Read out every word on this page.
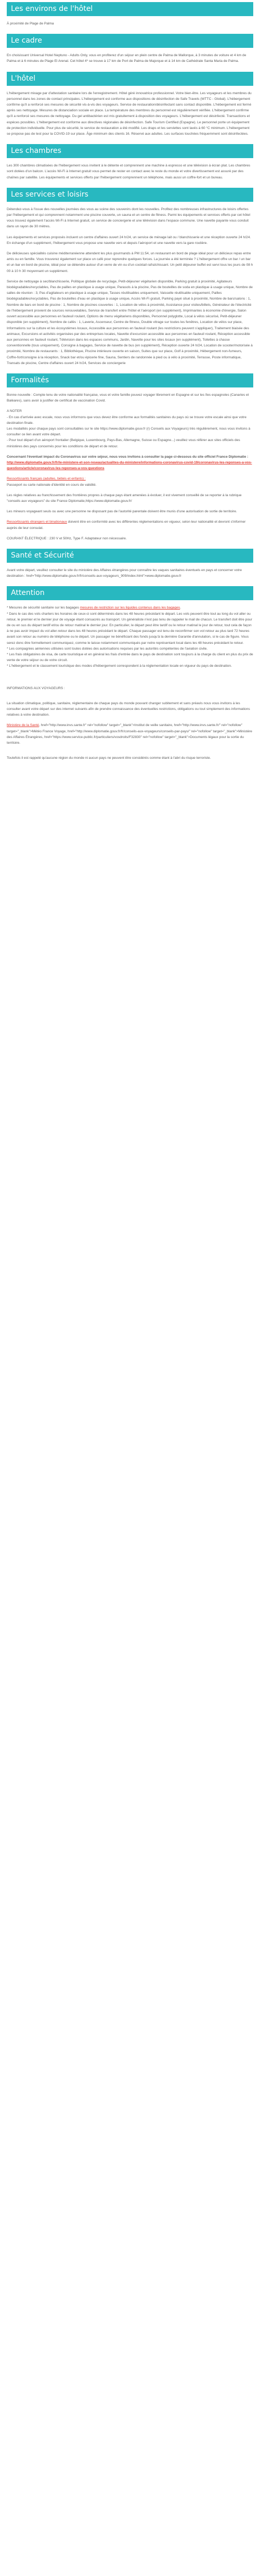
Les environs de l'hôtel

À proximité de Plage de Palma

Le cadre

En choisissant Universal Hotel Neptuno - Adults Only, vous en profiterez d'un séjour en plein centre de Palma de Mallorque, à 3 minutes de voiture et 4 km de Palma et à 6 minutes de Plage El Arenal. Cet hôtel 4* se trouve à 17 km de Port de Palma de Majorque et à 14 km de Cathédrale Santa Maria de Palma.

L'hôtel

L'hébergement mixage par d'attestation sanitaire lors de l'enregistrement. Hôtel géré innovatrice professionnel. Votre bien-être. Les voyageurs et les membres du personnel dans les zones de contact principales. L'hébergement est conforme aux dispositions de désinfection de Safe Travels (WTTC - Global). L'hébergement confirme qu'il a renforcé ses mesures de sécurité vis-à-vis des voyageurs. Service de restauration/désinfectant sans contact disponible. L'hébergement est fermé après ses nettoyage. Mesures de distanciation sociale en place. La température des membres du personnel est régulièrement vérifiée. L'hébergement confirme qu'il a renforcé ses mesures de nettoyage. Du gel antibactérien est mis gratuitement à disposition des voyageurs. L'hébergement est désinfecté. Transactions et espèces possibles. L'hébergement est conforme aux directives régionales de désinfection. Safe Tourism Certified (Espagne). Le personnel porte un équipement de protection individuelle. Pour plus de sécurité, le service de restauration a été modifié. Les draps et les serviettes sont lavés à 60 °C minimum. L'hébergement se propose pas de test pour la COVID-19 sur place. Âge minimum des clients 16. Réservé aux adultes. Les surfaces touchées fréquemment sont désinfectées.

Les chambres

Les 300 chambres climatisées de l'hébergement vous invitent à le détente et comprennent une machine à espresso et une télévision à écran plat. Les chambres sont dotées d'un balcon. L'accès Wi-Fi à Internet gratuit vous permet de rester en contact avec le reste du monde et votre divertissement est assuré par des chaînes par satellite. Les équipements et services offerts par l'hébergement comprennent un téléphone, mais aussi un coffre-fort et un bureau.

Les services et loisirs

Détendez-vous à l'issue des nouvelles journées des vous au scène des souvenirs dont les nouvelles. Profitez des nombreuses infrastructures de loisirs offertes par l'hébergement et qui comprennent notamment une piscine couverte, un sauna et un centre de fitness. Parmi les équipements et services offerts par cet hôtel vous trouvez également l'accès Wi-Fi à Internet gratuit, un service de conciergerie et une télévision dans l'espace commune. Une navette payante vous conduit dans un rayon de 30 mètres.

Les équipements et services proposés incluent un centre d'affaires ouvert 24 h/24, un service de ménage lait ou / blanchisserie et une réception ouverte 24 h/24. En échange d'un supplément, l'hébergement vous propose une navette vers et depuis l'aéroport et une navette vers la gare routière.

De délicieuses spécialités cuisine méditerranéenne attendent les plus gourmands à PM 11:54, un restaurant en bord de plage idéal pour un délicieux repas entre amis ou en famille. Vous trouverez également sur place un café pour reprendre quelques forces. La journée a été terminée ? L'hébergement offre un bar / un bar et un bar en bord de piscine, idéal pour se détendre autour d'un verre de vin ou d'un cocktail rafraîchissant. Un petit déjeuner buffet est servi tous les jours de 08 h 00 à 10 h 30 moyennant un supplément.

Service de nettoyage à sec/blanchisserie, Politique globale de recyclage, Petit-déjeuner végétarien disponible, Parking gratuit à proximité, Agitateurs biodégradables/recyclables, Pas de pailles en plastique à usage unique, Parasols à la piscine, Pas de bouteilles de soda en plastique à usage unique, Nombre de salles de réunion : 3, Pas d'agitateurs en plastique à usage unique, Tasses réutilisables uniquement, Vaisselle réutilisable uniquement, Pailles biodégradables/recyclables, Pas de bouteilles d'eau en plastique à usage unique, Accès Wi-Fi gratuit, Parking payé situé à proximité, Nombre de bars/salons : 1, Nombre de bars en bord de piscine : 1, Nombre de piscines couvertes : 1, Location de vélos à proximité, Assistance pour visites/billets, Générateur de l'électricité de l'hébergement provient de sources renouvelables, Service de transfert entre l'hôtel et l'aéroport (en supplément), Imprimantes à économie d'énergie, Salon ouvert accessible aux personnes en fauteuil roulant, Options de menu végétariens disponibles, Personnel polyglotte, Local à vélos sécurisé, Petit-déjeuner disponible (en supplément), Nombre de cafés : 1, Laverie, Ascenseur, Centre de fitness, Double vitrage sur toutes les fenêtres, Location de vélos sur place, Informations sur la culture et les écosystèmes locaux, Accessible aux personnes en fauteuil roulant (les restrictions peuvent s'appliquer), Traitement biaisée des animaux, Excursions et activités organisées par des entreprises locales, Navette d'excursion accessible aux personnes en fauteuil roulant, Réception accessible aux personnes en fauteuil roulant, Télévision dans les espaces communs, Jardin, Navette pour les sites locaux (en supplément), Toilettes à chasse conventionnelle (tous uniquement), Consigne à bagages, Service de navette de bus (en supplément), Réception ouverte 24 h/24, Location de scooter/motorisée à proximité, Nombre de restaurants : 1, Bibliothèque, Piscine intérieure ouverte en saison, Suites que sur place, Golf à proximité, Hébergement non-fumeurs, Coffre-fort/consigne à la réception, Snack bar et/ou épicerie fine, Sauna, Sentiers de randonnée à pied ou à vélo à proximité, Terrasse, Poste informatique, Transats de piscine, Centre d'affaires ouvert 24 h/24, Services de conciergerie

Formalités

Bonne nouvelle : Compte tenu de votre nationalité française, vous et votre famille pouvez voyager librement en Espagne et sur les îles espagnoles (Canaries et Baléares), sans avoir à justifier de certificat de vaccination Covid.

A NOTER
- En cas d'arrivée avec escale, nous vous informons que vous devez être conforme aux formalités sanitaires du pays où se trouve votre escale ainsi que votre destination finale.
Les modalités pour chaque pays sont consultables sur le site https://www.diplomatie.gouv.fr (r) Conseils aux Voyageurs) très régulièrement, nous vous invitons à consulter ce lien avant votre départ.
- Pour tout départ d'un aéroport frontalier (Belgique, Luxembourg, Pays-Bas, Allemagne, Suisse ou Espagne...) veuillez vous référer aux sites officiels des ministères des pays concernés pour les conditions de départ et de retour.

Concernant l'éventuel impact du Coronavirus sur votre séjour, nous vous invitons à consulter la page ci-dessous du site officiel France Diplomatie : http://www.diplomatie.gouv.fr/fr/le-ministere-et-son-reseau/actualites-du-ministere/informations-coronavirus-covid-19/coronavirus-les-reponses-a-vos-questions/article/coronavirus-les-reponses-a-vos-questions

Ressortissants français (adultes, bébés et enfants) :
Passeport ou carte nationale d'identité en cours de validité.

Les règles relatives au franchissement des frontières propres à chaque pays étant amenées à évoluer, il est vivement conseillé de se reporter à la rubrique "conseils aux voyageurs" du site France Diplomatie,https://www.diplomatie.gouv.fr/

Les mineurs voyageant seuls ou avec une personne ne disposant pas de l'autorité parentale doivent être munis d'une autorisation de sortie de territoire.

Ressortissants étrangers et binationaux doivent être en conformité avec les différentes réglementations en vigueur, selon leur nationalité et devront s'informer auprès de leur consulat.

COURANT ÉLECTRIQUE : 230 V et 50Hz, Type F. Adaptateur non nécessaire.

Santé et Sécurité

Avant votre départ, veuillez consulter le site du ministère des Affaires étrangères pour connaître les vaques sanitaires éventuels en pays et concerner votre destination : href="http://www.diplomatie.gouv.fr/fr/conseils-aux-voyageurs_909/index.html">www.diplomatie.gouv.fr

Attention

* Mesures de sécurité sanitaire sur les bagages mesures de restriction sur les liquides contenus dans les bagages.
* Dans le cas des vols charters les horaires de ceux-ci sont déterminés dans les 48 heures précédant le départ. Les vols peuvent être tout au long du vol aller ou retour, le premier et le dernier jour de voyage étant consacrés au transport. Un généraliste n'est pas tenu de rappeler le mail de chacun. Le transfert doit être pour de ou en sus du départ tardif et/ou de retour matinal le dernier jour. En particulier, le départ peut être tardif ou le retour matinal le jour de retour, tout cela de façon à ne pas avoir impact du vol aller-retour dans les 48 heures précédant le départ. Chaque passager est tenu de reconfirmer son vol retour au plus tard 72 heures avant son retour au numéro de téléphone ou le départ. Un passager ne bénéficiant des fonds jusqu'à la dernière Garantie d'annulation, si le cas de figure. Vous serez donc être formellement communiquez, comme le laisse notamment communiqués par notre représentant local dans les 48 heures précédant le retour.
* Les compagnies aériennes utilisées sont toutes dotées des autorisations requises par les autorités compétentes de l'aviation civile.
* Les frais obligatoires de visa, de carte touristique et en général les frais d'entrée dans le pays de destination sont toujours à la charge du client en plus du prix de vente de votre séjour ou de votre circuit.
* L'hébergement et le classement touristique des modes d'hébergement correspondent à la réglementation locale en vigueur du pays de destination.

INFORMATIONS AUX VOYAGEURS :

La situation climatique, politique, sanitaire, réglementaire de chaque pays du monde pouvant changer subitement et sans préavis nous vous invitons à les consulter avant votre départ sur des internet suivants afin de prendre connaissance des éventuelles restrictions, obligations ou tout simplement des informations relatives à votre destination.

Ministère de la Santé, href="http://www.invs.sante.fr" rel="nofollow" target="_blank">Institut de veille sanitaire, href="http://www.invs.sante.fr/" rel="nofollow" target="_blank">Météo France Voyage, href="http://www.diplomatie.gouv.fr/fr/conseils-aux-voyageurs/conseils-par-pays/" rel="nofollow" target="_blank">Ministère des Affaires Étrangères, href="https://www.service-public.fr/particuliers/vosdroits/F32830" rel="nofollow" target="_blank">Documents légaux pour la sortie du territoire.

Toutefois il est rappelé qu'aucune région du monde ni aucun pays ne peuvent être considérés comme étant à l'abri du risque terroriste.
